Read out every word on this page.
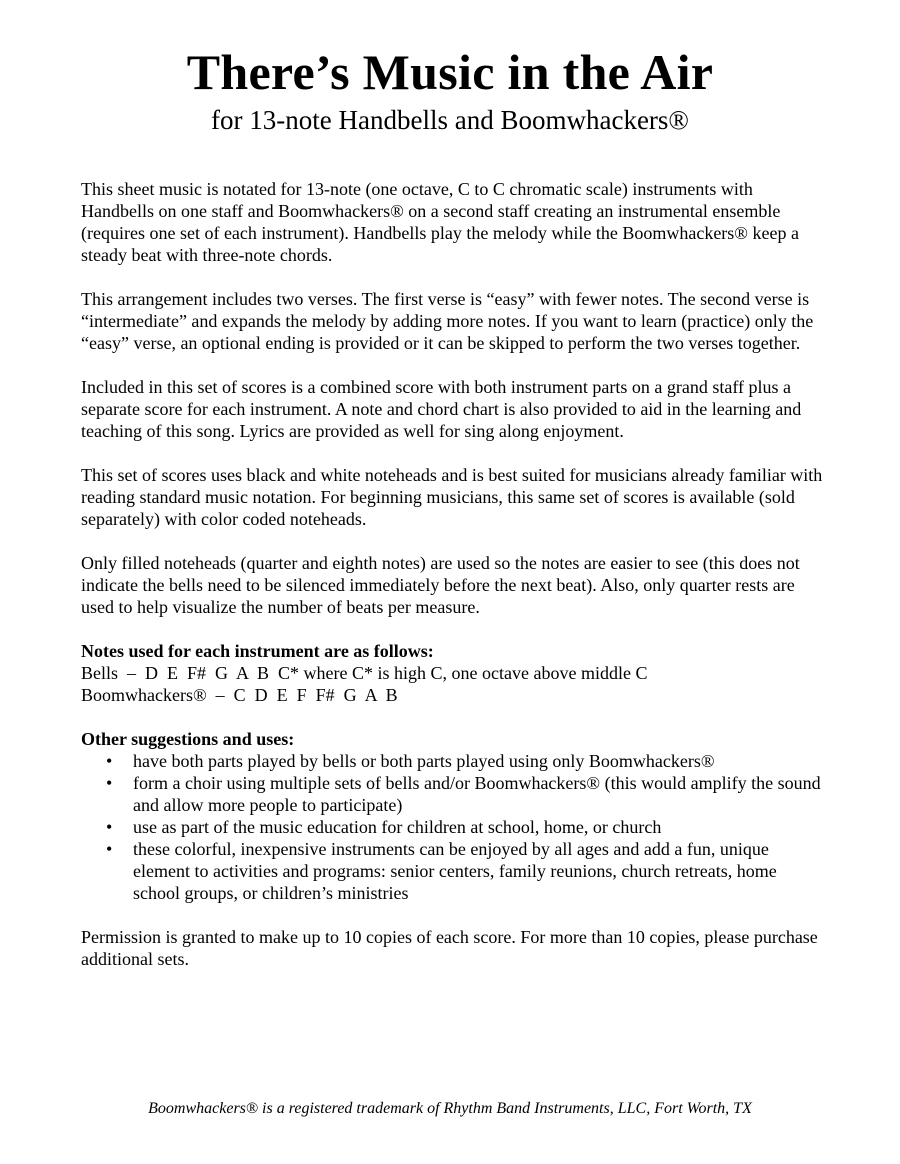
There’s Music in the Air
for 13-note Handbells and Boomwhackers®

This sheet music is notated for 13-note (one octave, C to C chromatic scale) instruments with Handbells on one staff and Boomwhackers® on a second staff creating an instrumental ensemble (requires one set of each instrument). Handbells play the melody while the Boomwhackers® keep a steady beat with three-note chords.

This arrangement includes two verses. The first verse is “easy” with fewer notes. The second verse is “intermediate” and expands the melody by adding more notes. If you want to learn (practice) only the “easy” verse, an optional ending is provided or it can be skipped to perform the two verses together.

Included in this set of scores is a combined score with both instrument parts on a grand staff plus a separate score for each instrument. A note and chord chart is also provided to aid in the learning and teaching of this song. Lyrics are provided as well for sing along enjoyment.

This set of scores uses black and white noteheads and is best suited for musicians already familiar with reading standard music notation. For beginning musicians, this same set of scores is available (sold separately) with color coded noteheads.

Only filled noteheads (quarter and eighth notes) are used so the notes are easier to see (this does not indicate the bells need to be silenced immediately before the next beat). Also, only quarter rests are used to help visualize the number of beats per measure.

Notes used for each instrument are as follows:
Bells  –  D  E  F#  G  A  B  C* where C* is high C, one octave above middle C
Boomwhackers®  –  C  D  E  F  F#  G  A  B

Other suggestions and uses:
• have both parts played by bells or both parts played using only Boomwhackers®
• form a choir using multiple sets of bells and/or Boomwhackers® (this would amplify the sound and allow more people to participate)
• use as part of the music education for children at school, home, or church
• these colorful, inexpensive instruments can be enjoyed by all ages and add a fun, unique element to activities and programs: senior centers, family reunions, church retreats, home school groups, or children’s ministries

Permission is granted to make up to 10 copies of each score. For more than 10 copies, please purchase additional sets.

Boomwhackers® is a registered trademark of Rhythm Band Instruments, LLC, Fort Worth, TX
